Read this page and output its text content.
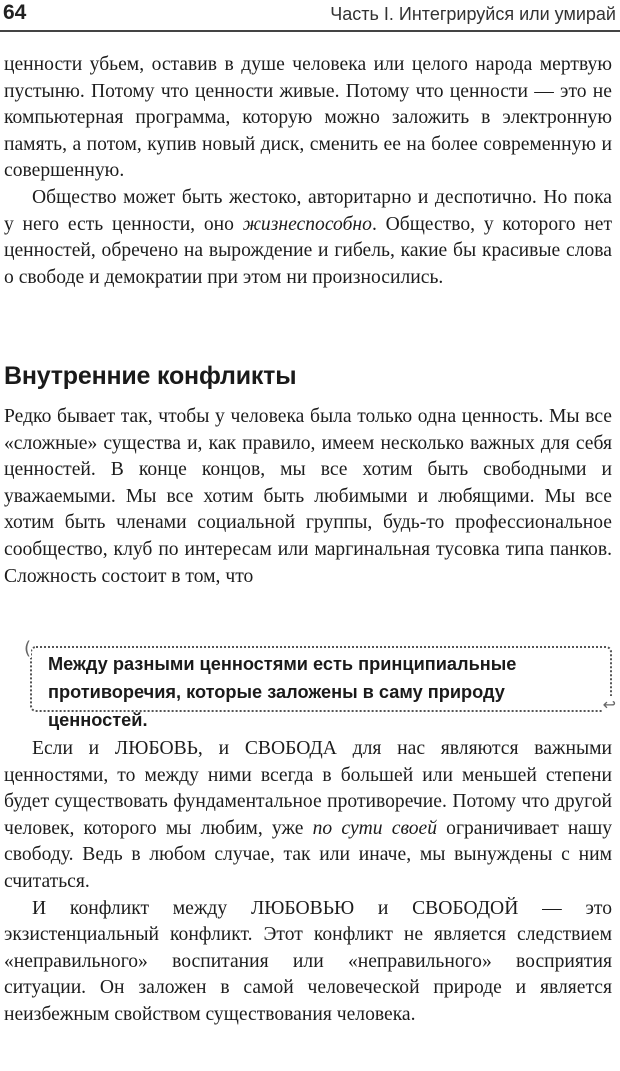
64	Часть I. Интегрируйся или умирай

ценности убьем, оставив в душе человека или целого народа мертвую пустыню. Потому что ценности живые. Потому что ценности — это не компьютерная программа, которую можно заложить в электронную память, а потом, купив новый диск, сменить ее на более современную и совершенную.

Общество может быть жестоко, авторитарно и деспотично. Но пока у него есть ценности, оно жизнеспособно. Общество, у которого нет ценностей, обречено на вырождение и гибель, какие бы красивые слова о свободе и демократии при этом ни произносились.

Внутренние конфликты

Редко бывает так, чтобы у человека была только одна ценность. Мы все «сложные» существа и, как правило, имеем несколько важных для себя ценностей. В конце концов, мы все хотим быть свободными и уважаемыми. Мы все хотим быть любимыми и любящими. Мы все хотим быть членами социальной группы, будь-то профессиональное сообщество, клуб по интересам или маргинальная тусовка типа панков. Сложность состоит в том, что

(
↩
Между разными ценностями есть принципиальные противоречия, которые заложены в саму природу ценностей.

Если и ЛЮБОВЬ, и СВОБОДА для нас являются важными ценностями, то между ними всегда в большей или меньшей степени будет существовать фундаментальное противоречие. Потому что другой человек, которого мы любим, уже по сути своей ограничивает нашу свободу. Ведь в любом случае, так или иначе, мы вынуждены с ним считаться.

И конфликт между ЛЮБОВЬЮ и СВОБОДОЙ — это экзистенциальный конфликт. Этот конфликт не является следствием «неправильного» воспитания или «неправильного» восприятия ситуации. Он заложен в самой человеческой природе и является неизбежным свойством существования человека.
